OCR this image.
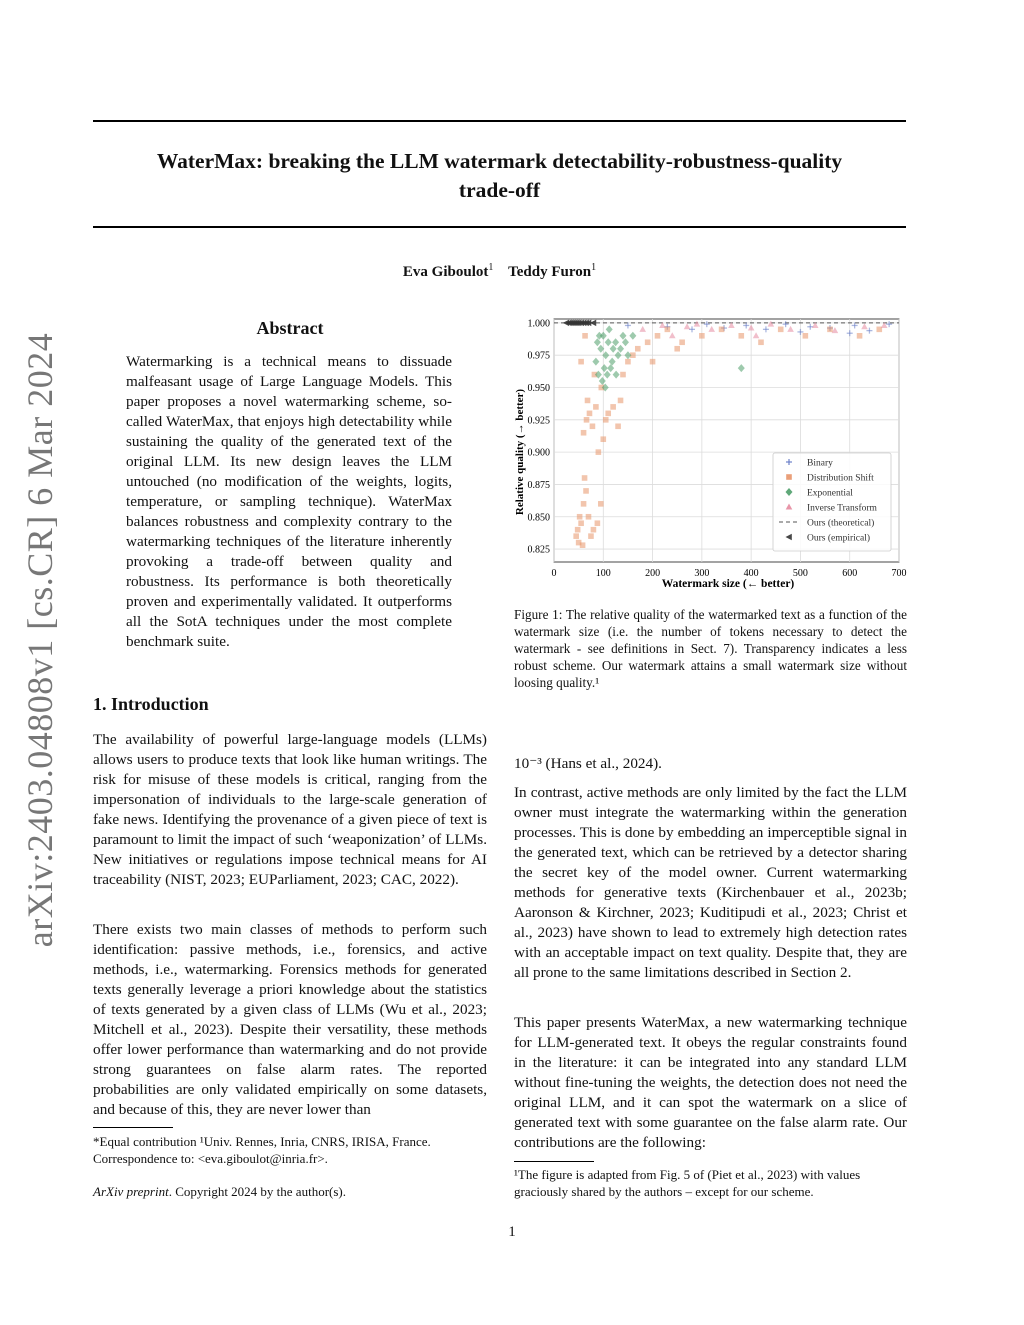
WaterMax: breaking the LLM watermark detectability-robustness-quality
trade-off
Eva Giboulot$^1$ Teddy Furon$^1$
arXiv:2403.04808v1 [cs.CR] 6 Mar 2024
Abstract
Watermarking is a technical means to dissuade malfeasant usage of Large Language Models. This paper proposes a novel watermarking scheme, so-called WaterMax, that enjoys high detectability while sustaining the quality of the generated text of the original LLM. Its new design leaves the LLM untouched (no modification of the weights, logits, temperature, or sampling technique). WaterMax balances robustness and complexity contrary to the watermarking techniques of the literature inherently provoking a trade-off between quality and robustness. Its performance is both theoretically proven and experimentally validated. It outperforms all the SotA techniques under the most complete benchmark suite.
1. Introduction
The availability of powerful large-language models (LLMs) allows users to produce texts that look like human writings. The risk for misuse of these models is critical, ranging from the impersonation of individuals to the large-scale generation of fake news. Identifying the provenance of a given piece of text is paramount to limit the impact of such ‘weaponization’ of LLMs. New initiatives or regulations impose technical means for AI traceability (NIST, 2023; EUParliament, 2023; CAC, 2022).
There exists two main classes of methods to perform such identification: passive methods, i.e., forensics, and active methods, i.e., watermarking. Forensics methods for generated texts generally leverage a priori knowledge about the statistics of texts generated by a given class of LLMs (Wu et al., 2023; Mitchell et al., 2023). Despite their versatility, these methods offer lower performance than watermarking and do not provide strong guarantees on false alarm rates. The reported probabilities are only validated empirically on some datasets, and because of this, they are never lower than
*Equal contribution ¹Univ. Rennes, Inria, CNRS, IRISA, France. Correspondence to: <eva.giboulot@inria.fr>.
ArXiv preprint. Copyright 2024 by the author(s).
0	100	200	300	400	500	600	700
0.825
0.850
0.875
0.900
0.925
0.950
0.975
1.000
Watermark size (← better)
Relative quality (→ better)	Binary
Distribution Shift
Exponential
Inverse Transform
Ours (theoretical)
Ours (empirical)
Figure 1: The relative quality of the watermarked text as a function of the watermark size (i.e. the number of tokens necessary to detect the watermark - see definitions in Sect. 7). Transparency indicates a less robust scheme. Our watermark attains a small watermark size without loosing quality.¹
10⁻³ (Hans et al., 2024).
In contrast, active methods are only limited by the fact the LLM owner must integrate the watermarking within the generation processes. This is done by embedding an imperceptible signal in the generated text, which can be retrieved by a detector sharing the secret key of the model owner. Current watermarking methods for generative texts (Kirchenbauer et al., 2023b; Aaronson & Kirchner, 2023; Kuditipudi et al., 2023; Christ et al., 2023) have shown to lead to extremely high detection rates with an acceptable impact on text quality. Despite that, they are all prone to the same limitations described in Section 2.
This paper presents WaterMax, a new watermarking technique for LLM-generated text. It obeys the regular constraints found in the literature: it can be integrated into any standard LLM without fine-tuning the weights, the detection does not need the original LLM, and it can spot the watermark on a slice of generated text with some guarantee on the false alarm rate. Our contributions are the following:
¹The figure is adapted from Fig. 5 of (Piet et al., 2023) with values graciously shared by the authors – except for our scheme.
1
